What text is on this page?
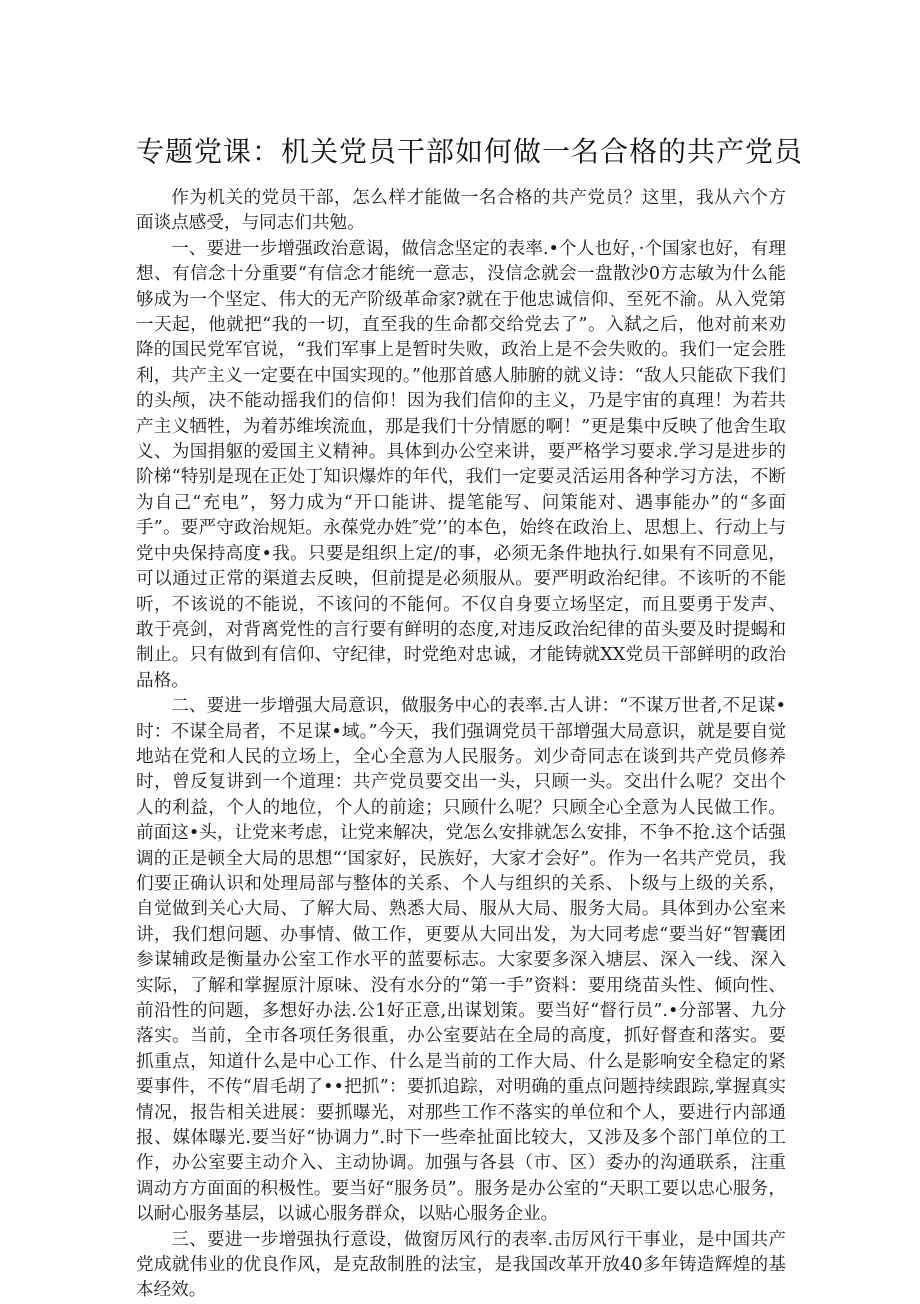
专题党课：机关党员干部如何做一名合格的共产党员

作为机关的党员干部，怎么样才能做一名合格的共产党员？这里，我从六个方面谈点感受，与同志们共勉。

一、要进一步增强政治意谒，做信念坚定的表率.•个人也好，·个国家也好，有理想、有信念十分重要“有信念才能统一意志，没信念就会一盘散沙0方志敏为什么能够成为一个坚定、伟大的无产阶级革命家?就在于他忠诚信仰、至死不渝。从入党第一天起，他就把“我的一切，直至我的生命都交给党去了”。入弑之后，他对前来劝降的国民党军官说，“我们军事上是暂时失败，政治上是不会失败的。我们一定会胜利，共产主义一定要在中国实现的。”他那首感人肺腑的就义诗：“敌人只能砍下我们的头颅，决不能动摇我们的信仰！因为我们信仰的主义，乃是宇宙的真理！为若共产主义牺牲，为着苏维埃流血，那是我们十分情愿的啊！”更是集中反映了他舍生取义、为国捐躯的爱国主义精神。具体到办公空来讲，要严格学习要求.学习是进步的阶梯“特别是现在正处丁知识爆炸的年代，我们一定要灵活运用各种学习方法，不断为自己“充电”，努力成为“开口能讲、提笔能写、问策能对、遇事能办”的“多面手”。要严守政治规矩。永葆党办姓″党’’的本色，始终在政治上、思想上、行动上与党中央保持高度•我。只要是组织上定/的事，必须无条件地执行.如果有不同意见，可以通过正常的渠道去反映，但前提是必须服从。要严明政治纪律。不该听的不能听，不该说的不能说，不该问的不能何。不仅自身要立场坚定，而且要勇于发声、敢于亮剑，对背离党性的言行要有鲜明的态度,对违反政治纪律的苗头要及时提蝎和制止。只有做到有信仰、守纪律，时党绝对忠诚，才能铸就XX党员干部鲜明的政治品格。

二、要进一步增强大局意识，做服务中心的表率.古人讲：“不谋万世者,不足谋•时：不谋全局者，不足谋•域。”今天，我们强调党员干部增强大局意识，就是要自觉地站在党和人民的立场上，全心全意为人民服务。刘少奇同志在谈到共产党员修养时，曾反复讲到一个道理：共产党员要交出一头，只顾一头。交出什么呢？交出个人的利益，个人的地位，个人的前途；只顾什么呢？只顾全心全意为人民做工作。前面这•头，让党来考虑，让党来解决，党怎么安排就怎么安排，不争不抢.这个话强调的正是顿全大局的思想“‘国家好，民族好，大家才会好”。作为一名共产党员，我们要正确认识和处理局部与整体的关系、个人与组织的关系、卜级与上级的关系，自觉做到关心大局、了解大局、熟悉大局、服从大局、服务大局。具体到办公室来讲，我们想问题、办事情、做工作，更要从大同出发，为大同考虑“要当好“智囊团参谋辅政是衡量办公室工作水平的蓝要标志。大家要多深入塘层、深入一线、深入实际，了解和掌握原汁原味、没有水分的“第一手”资料：要用绕苗头性、倾向性、前沿性的问题，多想好办法.公1好正意,出谋划策。要当好“督行员”.•分部署、九分落实。当前，全市各项任务很重，办公室要站在全局的高度，抓好督查和落实。要抓重点，知道什么是中心工作、什么是当前的工作大局、什么是影响安全稳定的紧要事件，不传“眉毛胡了••把抓”：要抓追踪，对明确的重点问题持续跟踪,掌握真实情况，报告相关进展：要抓曝光，对那些工作不落实的单位和个人，要进行内部通报、媒体曝光.要当好“协调力”.时下一些牵扯面比较大，又涉及多个部门单位的工作，办公室要主动介入、主动协调。加强与各县（市、区）委办的沟通联系，注重调动方方面面的积极性。要当好“服务员”。服务是办公室的“天职工要以忠心服务，以耐心服务基层，以诚心服务群众，以贴心服务企业。

三、要进一步增强执行意设，做窗厉风行的表率.击厉风行干事业，是中国共产党成就伟业的优良作风，是克敌制胜的法宝，是我国改革开放40多年铸造辉煌的基本经效。
